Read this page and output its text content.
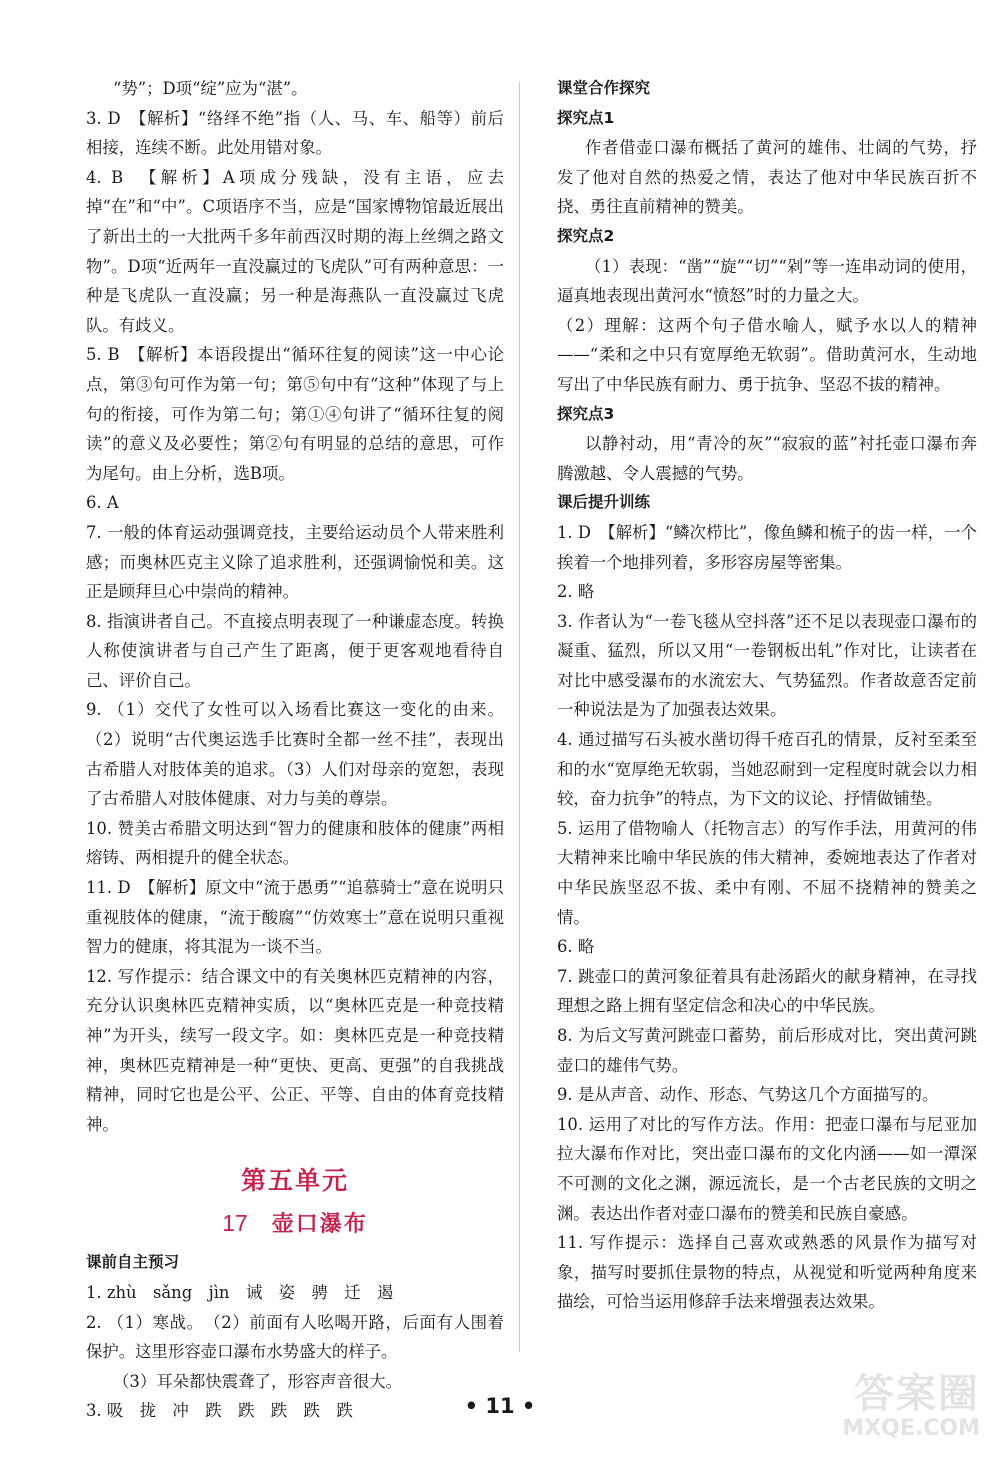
“势”；D项“绽”应为“湛”。
3. D　【解析】“络绎不绝”指（人、马、车、船等）前后相接，连续不断。此处用错对象。
4. B　【解析】A项成分残缺，没有主语，应去掉“在”和“中”。C项语序不当，应是“国家博物馆最近展出了新出土的一大批两千多年前西汉时期的海上丝绸之路文物”。D项“近两年一直没赢过的飞虎队”可有两种意思：一种是飞虎队一直没赢；另一种是海燕队一直没赢过飞虎队。有歧义。
5. B　【解析】本语段提出“循环往复的阅读”这一中心论点，第③句可作为第一句；第⑤句中有“这种”体现了与上句的衔接，可作为第二句；第①④句讲了“循环往复的阅读”的意义及必要性；第②句有明显的总结的意思，可作为尾句。由上分析，选B项。
6. A
7. 一般的体育运动强调竞技，主要给运动员个人带来胜利感；而奥林匹克主义除了追求胜利，还强调愉悦和美。这正是顾拜旦心中崇尚的精神。
8. 指演讲者自己。不直接点明表现了一种谦虚态度。转换人称使演讲者与自己产生了距离，便于更客观地看待自己、评价自己。
9. （1）交代了女性可以入场看比赛这一变化的由来。（2）说明“古代奥运选手比赛时全都一丝不挂”，表现出古希腊人对肢体美的追求。（3）人们对母亲的宽恕，表现了古希腊人对肢体健康、对力与美的尊崇。
10. 赞美古希腊文明达到“智力的健康和肢体的健康”两相熔铸、两相提升的健全状态。
11. D　【解析】原文中“流于愚勇”“追慕骑士”意在说明只重视肢体的健康，“流于酸腐”“仿效寒士”意在说明只重视智力的健康，将其混为一谈不当。
12. 写作提示：结合课文中的有关奥林匹克精神的内容，充分认识奥林匹克精神实质，以“奥林匹克是一种竞技精神”为开头，续写一段文字。如：奥林匹克是一种竞技精神，奥林匹克精神是一种“更快、更高、更强”的自我挑战精神，同时它也是公平、公正、平等、自由的体育竞技精神。
第五单元
17 壶口瀑布
课前自主预习
1. zhù　sǎng　jìn　诫　姿　骋　迁　遏
2. （1）寒战。　（2）前面有人吆喝开路，后面有人围着保护。这里形容壶口瀑布水势盛大的样子。
（3）耳朵都快震聋了，形容声音很大。
3. 吸　拢　冲　跌　跌　跌　跌　跌
课堂合作探究
探究点1
作者借壶口瀑布概括了黄河的雄伟、壮阔的气势，抒发了他对自然的热爱之情，表达了他对中华民族百折不挠、勇往直前精神的赞美。
探究点2
（1）表现：“凿”“旋”“切”“剁”等一连串动词的使用，逼真地表现出黄河水“愤怒”时的力量之大。
（2）理解：这两个句子借水喻人，赋予水以人的精神——“柔和之中只有宽厚绝无软弱”。借助黄河水，生动地写出了中华民族有耐力、勇于抗争、坚忍不拔的精神。
探究点3
以静衬动，用“青冷的灰”“寂寂的蓝”衬托壶口瀑布奔腾激越、令人震撼的气势。
课后提升训练
1. D　【解析】“鳞次栉比”，像鱼鳞和梳子的齿一样，一个挨着一个地排列着，多形容房屋等密集。
2. 略
3. 作者认为“一卷飞毯从空抖落”还不足以表现壶口瀑布的凝重、猛烈，所以又用“一卷钢板出轧”作对比，让读者在对比中感受瀑布的水流宏大、气势猛烈。作者故意否定前一种说法是为了加强表达效果。
4. 通过描写石头被水凿切得千疮百孔的情景，反衬至柔至和的水“宽厚绝无软弱，当她忍耐到一定程度时就会以力相较，奋力抗争”的特点，为下文的议论、抒情做铺垫。
5. 运用了借物喻人（托物言志）的写作手法，用黄河的伟大精神来比喻中华民族的伟大精神，委婉地表达了作者对中华民族坚忍不拔、柔中有刚、不屈不挠精神的赞美之情。
6. 略
7. 跳壶口的黄河象征着具有赴汤蹈火的献身精神，在寻找理想之路上拥有坚定信念和决心的中华民族。
8. 为后文写黄河跳壶口蓄势，前后形成对比，突出黄河跳壶口的雄伟气势。
9. 是从声音、动作、形态、气势这几个方面描写的。
10. 运用了对比的写作方法。作用：把壶口瀑布与尼亚加拉大瀑布作对比，突出壶口瀑布的文化内涵——如一潭深不可测的文化之渊，源远流长，是一个古老民族的文明之渊。表达出作者对壶口瀑布的赞美和民族自豪感。
11. 写作提示：选择自己喜欢或熟悉的风景作为描写对象，描写时要抓住景物的特点，从视觉和听觉两种角度来描绘，可恰当运用修辞手法来增强表达效果。
• 11 •	答案圈
MXQE.COM
